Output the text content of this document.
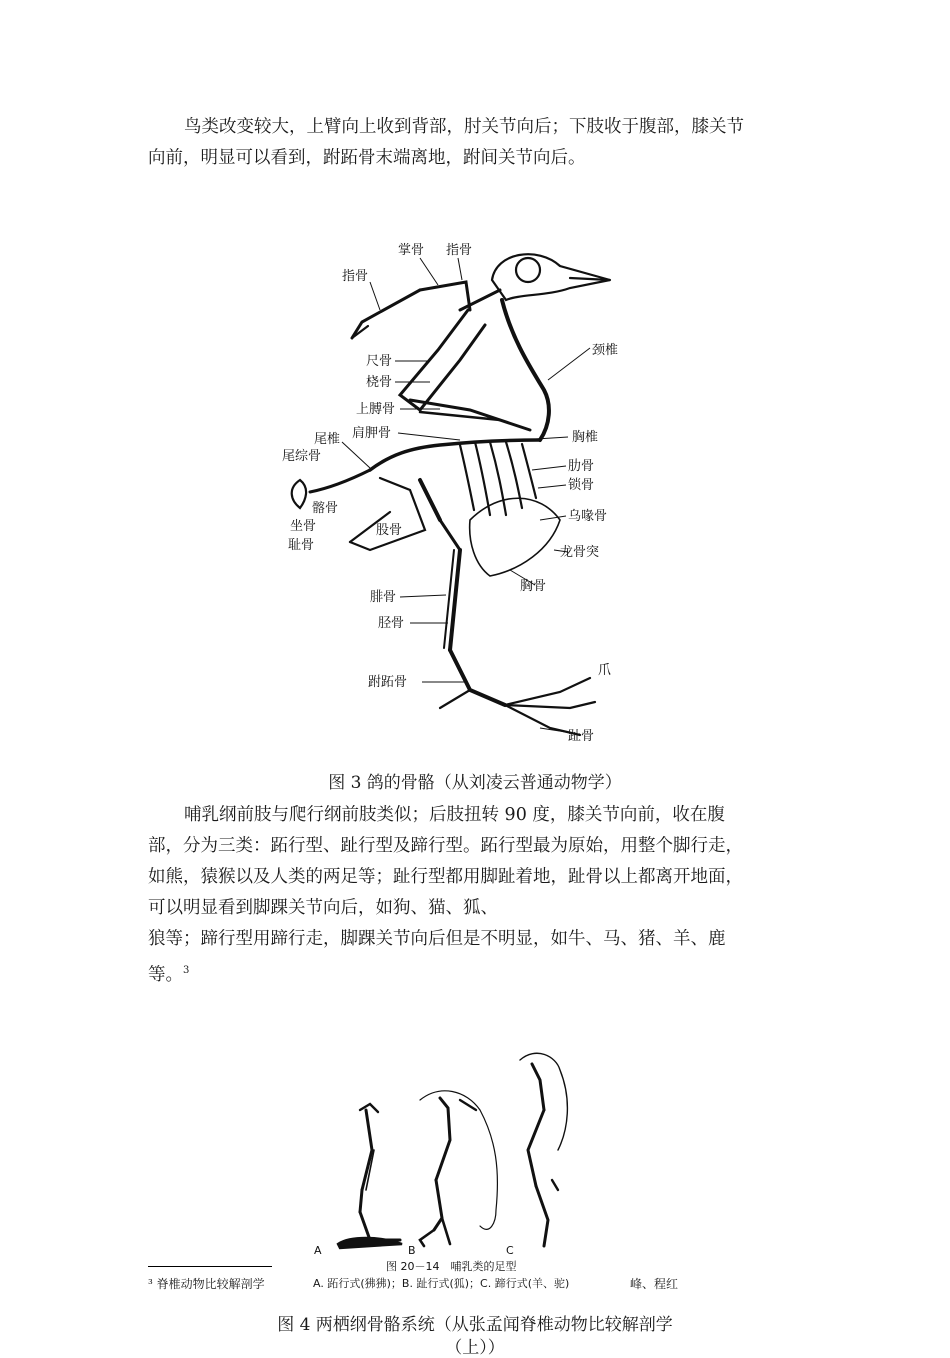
鸟类改变较大，上臂向上收到背部，肘关节向后；下肢收于腹部，膝关节
向前，明显可以看到，跗跖骨末端离地，跗间关节向后。

掌骨 指骨
指骨
颈椎
尺骨
桡骨
上膊骨
肩胛骨	胸椎
尾椎
尾综骨
肋骨
锁骨
乌喙骨
髂骨
坐骨
耻骨
股骨
龙骨突
胸骨
腓骨
胫骨
跗跖骨
爪
趾骨

图 3 鸽的骨骼（从刘凌云普通动物学）

哺乳纲前肢与爬行纲前肢类似；后肢扭转 90 度，膝关节向前，收在腹
部，分为三类：跖行型、趾行型及蹄行型。跖行型最为原始，用整个脚行走，
如熊，猿猴以及人类的两足等；趾行型都用脚趾着地，趾骨以上都离开地面，
可以明显看到脚踝关节向后，如狗、猫、狐、
狼等；蹄行型用蹄行走，脚踝关节向后但是不明显，如牛、马、猪、羊、鹿
等。$^3$

A	B	C
图 20－14　哺乳类的足型
³ 脊椎动物比较解剖学	A. 跖行式(狒狒)；B. 趾行式(狐)；C. 蹄行式(羊、驼)	峰、程红

图 4 两栖纲骨骼系统（从张孟闻脊椎动物比较解剖学

（上））
